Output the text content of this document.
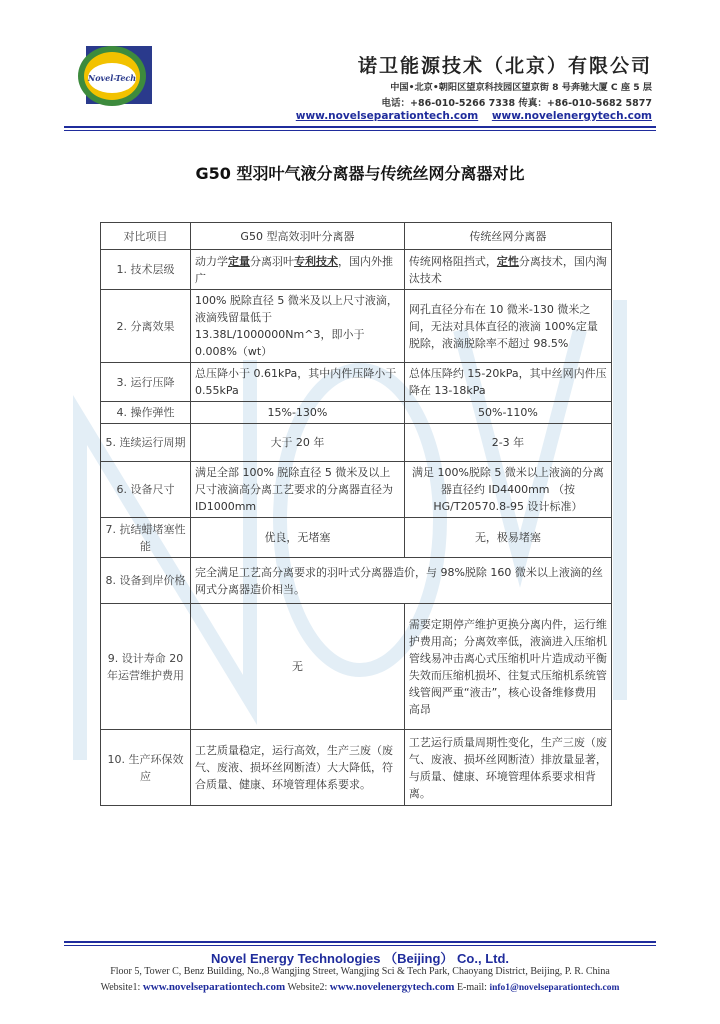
Novel-Tech
诺卫能源技术（北京）有限公司
中国•北京•朝阳区望京科技园区望京街 8 号奔驰大厦 C 座 5 层
电话：+86-010-5266 7338 传真：+86-010-5682 5877
www.novelseparationtech.com www.novelenergytech.com
G50 型羽叶气液分离器与传统丝网分离器对比
对比项目	G50 型高效羽叶分离器	传统丝网分离器
1. 技术层级	动力学定量分离羽叶专利技术，国内外推广	传统网格阻挡式，定性分离技术，国内淘汰技术
2. 分离效果	100% 脱除直径 5 微米及以上尺寸液滴，液滴残留量低于 13.38L/1000000Nm^3，即小于 0.008%（wt）	网孔直径分布在 10 微米-130 微米之间，无法对具体直径的液滴 100%定量脱除，液滴脱除率不超过 98.5%
3. 运行压降	总压降小于 0.61kPa，其中内件压降小于 0.55kPa	总体压降约 15-20kPa，其中丝网内件压降在 13-18kPa
4. 操作弹性	15%-130%	50%-110%
5. 连续运行周期	大于 20 年	2-3 年
6. 设备尺寸	满足全部 100% 脱除直径 5 微米及以上尺寸液滴高分离工艺要求的分离器直径为 ID1000mm	满足 100%脱除 5 微米以上液滴的分离器直径约 ID4400mm （按 HG/T20570.8-95 设计标准）
7. 抗结蜡堵塞性能	优良，无堵塞	无，极易堵塞
8. 设备到岸价格	完全满足工艺高分离要求的羽叶式分离器造价，与 98%脱除 160 微米以上液滴的丝网式分离器造价相当。	
9. 设计寿命 20 年运营维护费用	无	需要定期停产维护更换分离内件，运行维护费用高；分离效率低，液滴进入压缩机管线易冲击离心式压缩机叶片造成动平衡失效而压缩机损坏、往复式压缩机系统管线管阀严重“液击”，核心设备维修费用高昂
10. 生产环保效应	工艺质量稳定，运行高效，生产三废（废气、废液、损坏丝网断渣）大大降低，符合质量、健康、环境管理体系要求。	工艺运行质量周期性变化，生产三废（废气、废液、损坏丝网断渣）排放量显著，与质量、健康、环境管理体系要求相背离。
Novel Energy Technologies （Beijing） Co., Ltd.
Floor 5, Tower C, Benz Building, No.,8 Wangjing Street, Wangjing Sci & Tech Park, Chaoyang District, Beijing, P. R. China
Website1: www.novelseparationtech.com Website2: www.novelenergytech.com E-mail: info1@novelseparationtech.com
